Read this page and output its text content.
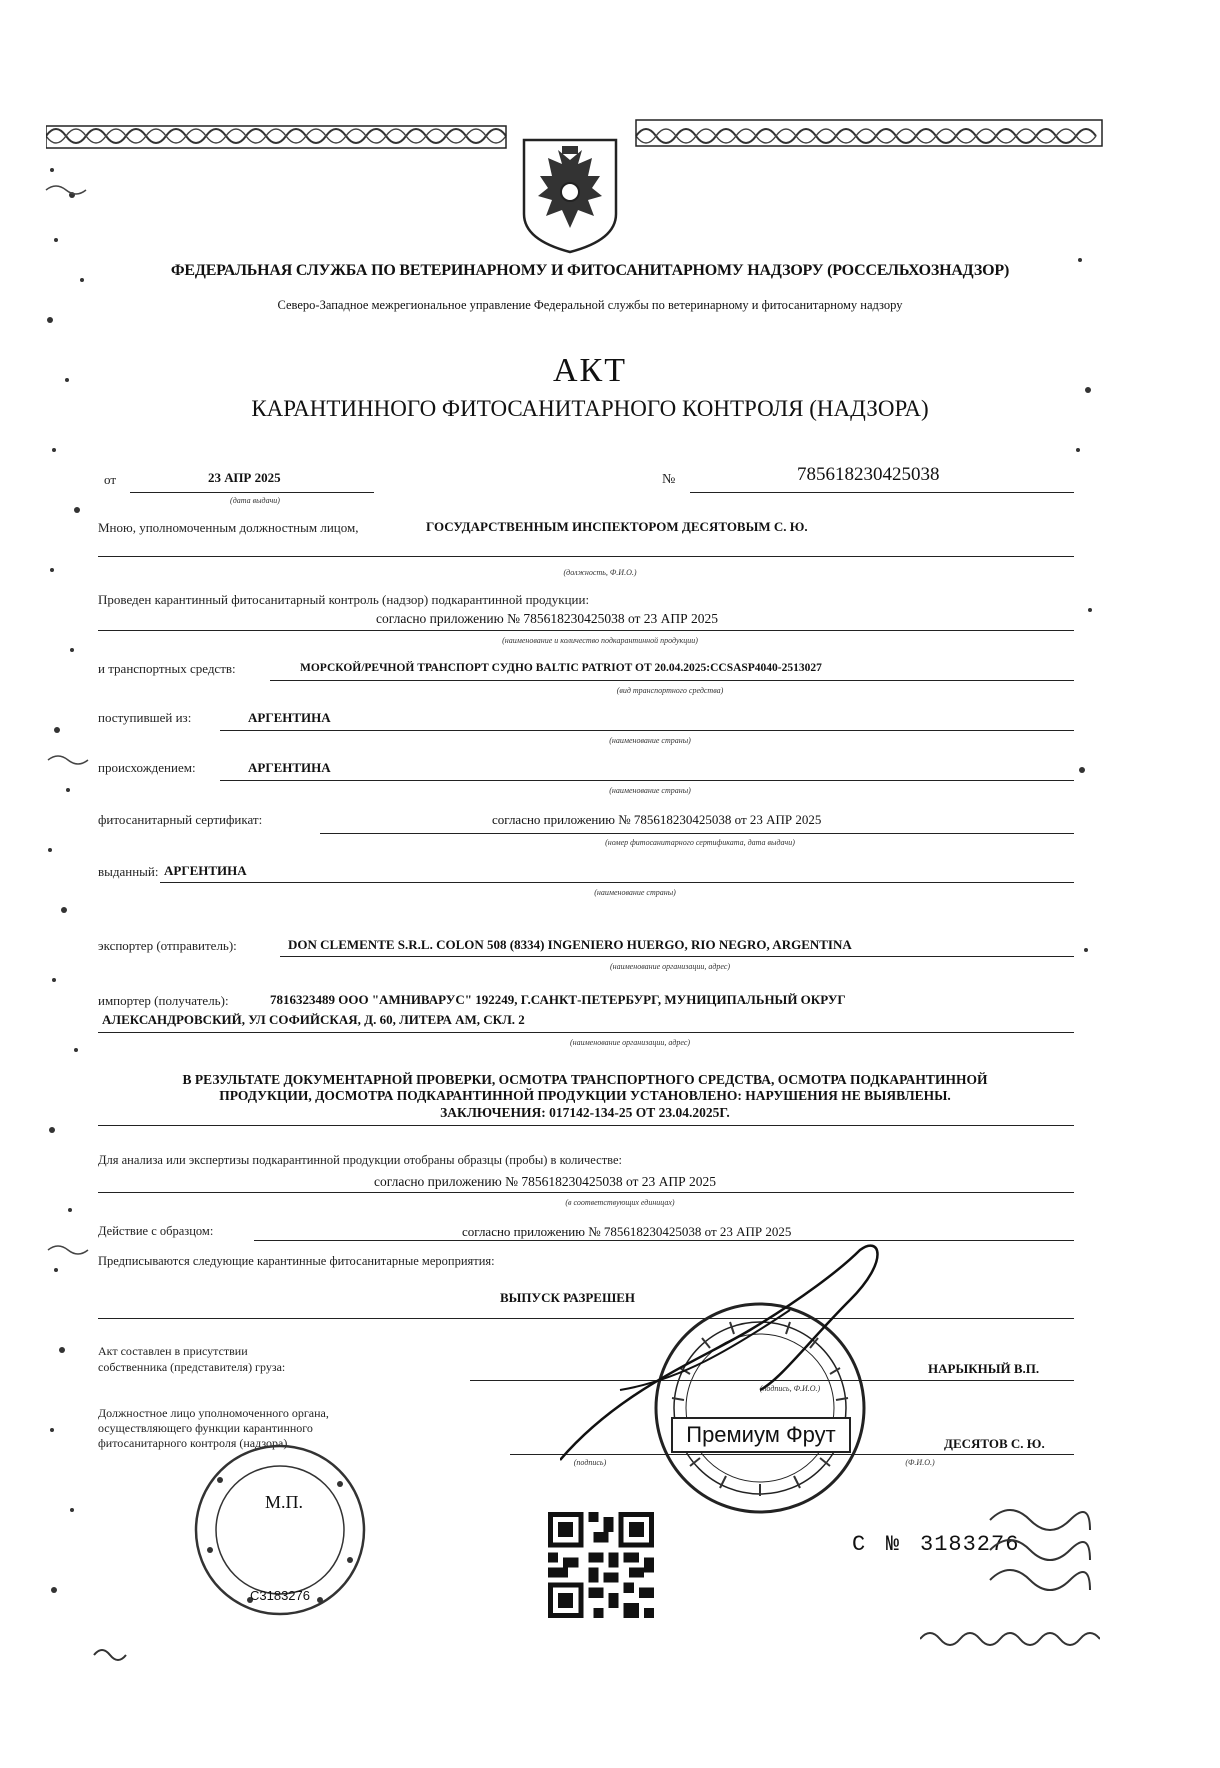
ФЕДЕРАЛЬНАЯ СЛУЖБА ПО ВЕТЕРИНАРНОМУ И ФИТОСАНИТАРНОМУ НАДЗОРУ (РОССЕЛЬХОЗНАДЗОР)
Северо-Западное межрегиональное управление Федеральной службы по ветеринарному и фитосанитарному надзору
АКТ
КАРАНТИННОГО ФИТОСАНИТАРНОГО КОНТРОЛЯ (НАДЗОРА)
от	23 АПР 2025
(дата выдачи)
№	785618230425038
Мною, уполномоченным должностным лицом,	ГОСУДАРСТВЕННЫМ ИНСПЕКТОРОМ ДЕСЯТОВЫМ С. Ю.
(должность, Ф.И.О.)
Проведен карантинный фитосанитарный контроль (надзор) подкарантинной продукции:
согласно приложению № 785618230425038 от 23 АПР 2025
(наименование и количество подкарантинной продукции)
и транспортных средств:	МОРСКОЙ/РЕЧНОЙ ТРАНСПОРТ СУДНО BALTIC PATRIOT ОТ 20.04.2025:CCSASP4040-2513027
(вид транспортного средства)
поступившей из:	АРГЕНТИНА
(наименование страны)
происхождением:	АРГЕНТИНА
(наименование страны)
фитосанитарный сертификат:	согласно приложению № 785618230425038 от 23 АПР 2025
(номер фитосанитарного сертификата, дата выдачи)
выданный: АРГЕНТИНА
(наименование страны)
экспортер (отправитель):	DON CLEMENTE S.R.L. COLON 508 (8334) INGENIERO HUERGO, RIO NEGRO, ARGENTINA
(наименование организации, адрес)
импортер (получатель):	7816323489 ООО "АМНИВАРУС" 192249, Г.САНКТ-ПЕТЕРБУРГ, МУНИЦИПАЛЬНЫЙ ОКРУГ
АЛЕКСАНДРОВСКИЙ, УЛ СОФИЙСКАЯ, Д. 60, ЛИТЕРА АМ, СКЛ. 2
(наименование организации, адрес)
В РЕЗУЛЬТАТЕ ДОКУМЕНТАРНОЙ ПРОВЕРКИ, ОСМОТРА ТРАНСПОРТНОГО СРЕДСТВА, ОСМОТРА ПОДКАРАНТИННОЙ
ПРОДУКЦИИ, ДОСМОТРА ПОДКАРАНТИННОЙ ПРОДУКЦИИ УСТАНОВЛЕНО: НАРУШЕНИЯ НЕ ВЫЯВЛЕНЫ.
ЗАКЛЮЧЕНИЯ: 017142-134-25 ОТ 23.04.2025Г.
Для анализа или экспертизы подкарантинной продукции отобраны образцы (пробы) в количестве:
согласно приложению № 785618230425038 от 23 АПР 2025
(в соответствующих единицах)
Действие с образцом:	согласно приложению № 785618230425038 от 23 АПР 2025
Предписываются следующие карантинные фитосанитарные мероприятия:
ВЫПУСК РАЗРЕШЕН
Акт составлен в присутствии
собственника (представителя) груза:	НАРЫКНЫЙ В.П.
(подпись, Ф.И.О.)
Должностное лицо уполномоченного органа,
осуществляющего функции карантинного
фитосанитарного контроля (надзора)	ДЕСЯТОВ С. Ю.
(подпись)	(Ф.И.О.)
Премиум Фрут
М.П.
С3183276
С № 3183276
